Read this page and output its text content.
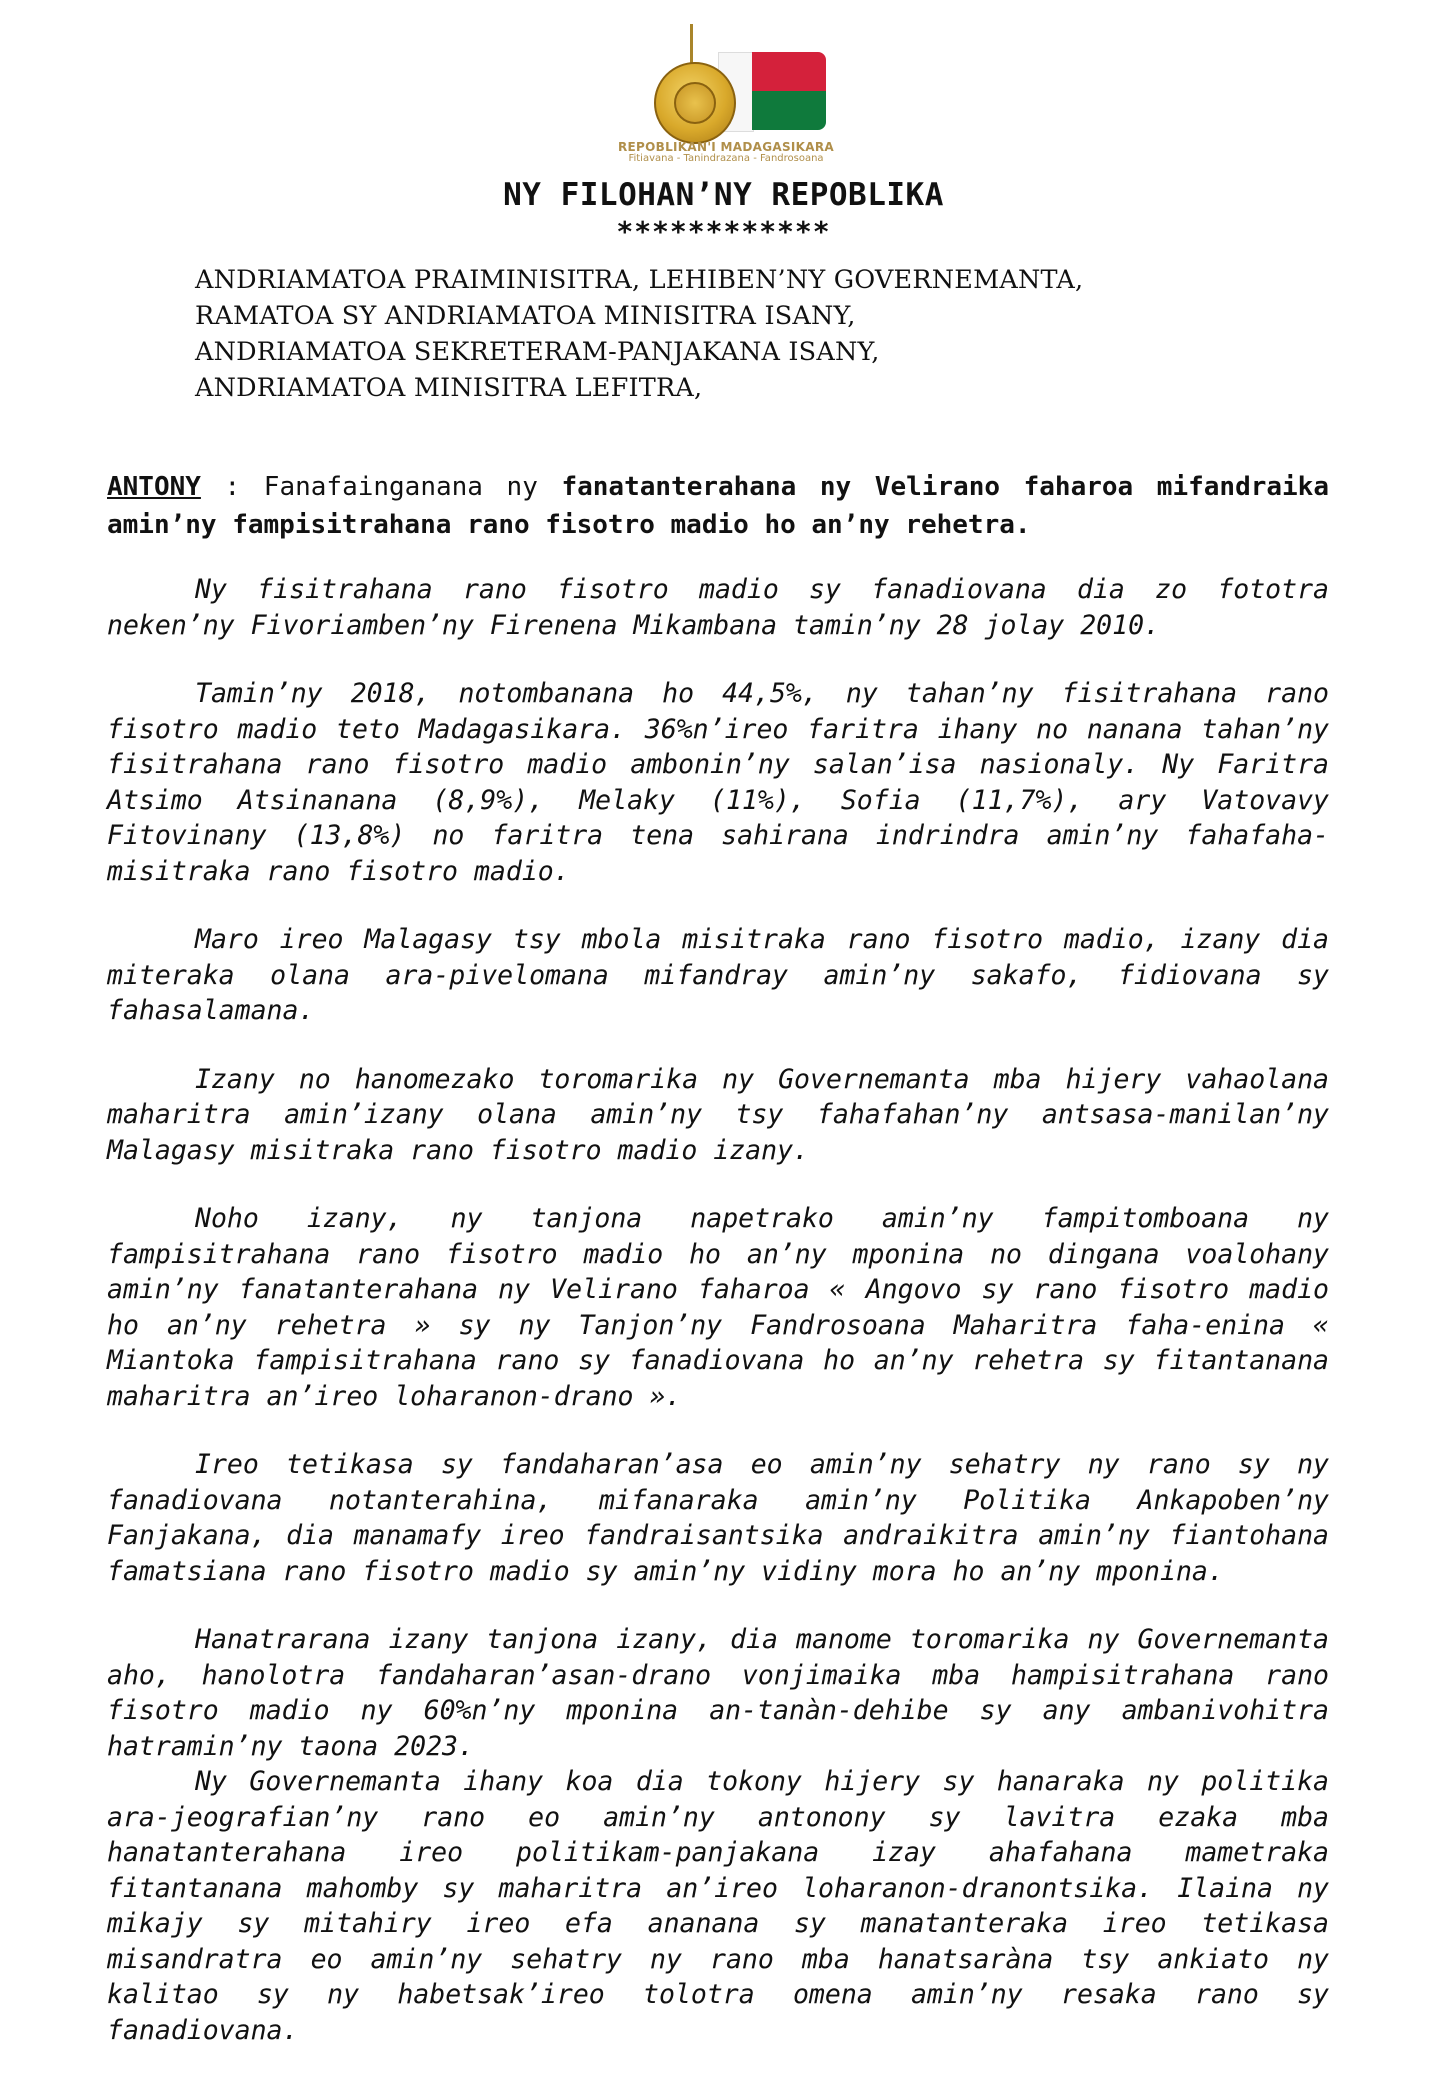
REPOBLIKAN'I MADAGASIKARA
Fitiavana - Tanindrazana - Fandrosoana
NY FILOHAN’NY REPOBLIKA
************
ANDRIAMATOA PRAIMINISITRA, LEHIBEN’NY GOVERNEMANTA,
RAMATOA SY ANDRIAMATOA MINISITRA ISANY,
ANDRIAMATOA SEKRETERAM-PANJAKANA ISANY,
ANDRIAMATOA MINISITRA LEFITRA,
ANTONY : Fanafainganana ny fanatanterahana ny Velirano faharoa mifandraika amin’ny fampisitrahana rano fisotro madio ho an’ny rehetra.

Ny fisitrahana rano fisotro madio sy fanadiovana dia zo fototra neken’ny Fivoriamben’ny Firenena Mikambana tamin’ny 28 jolay 2010.

Tamin’ny 2018, notombanana ho 44,5%, ny tahan’ny fisitrahana rano fisotro madio teto Madagasikara. 36%n’ireo faritra ihany no nanana tahan’ny fisitrahana rano fisotro madio ambonin’ny salan’isa nasionaly. Ny Faritra Atsimo Atsinanana (8,9%), Melaky (11%), Sofia (11,7%), ary Vatovavy Fitovinany (13,8%) no faritra tena sahirana indrindra amin’ny fahafaha-misitraka rano fisotro madio.

Maro ireo Malagasy tsy mbola misitraka rano fisotro madio, izany dia miteraka olana ara-pivelomana mifandray amin’ny sakafo, fidiovana sy fahasalamana.

Izany no hanomezako toromarika ny Governemanta mba hijery vahaolana maharitra amin’izany olana amin’ny tsy fahafahan’ny antsasa-manilan’ny Malagasy misitraka rano fisotro madio izany.

Noho izany, ny tanjona napetrako amin’ny fampitomboana ny fampisitrahana rano fisotro madio ho an’ny mponina no dingana voalohany amin’ny fanatanterahana ny Velirano faharoa « Angovo sy rano fisotro madio ho an’ny rehetra » sy ny Tanjon’ny Fandrosoana Maharitra faha-enina « Miantoka fampisitrahana rano sy fanadiovana ho an’ny rehetra sy fitantanana maharitra an’ireo loharanon-drano ».

Ireo tetikasa sy fandaharan’asa eo amin’ny sehatry ny rano sy ny fanadiovana notanterahina, mifanaraka amin’ny Politika Ankapoben’ny Fanjakana, dia manamafy ireo fandraisantsika andraikitra amin’ny fiantohana famatsiana rano fisotro madio sy amin’ny vidiny mora ho an’ny mponina.

Hanatrarana izany tanjona izany, dia manome toromarika ny Governemanta aho, hanolotra fandaharan’asan-drano vonjimaika mba hampisitrahana rano fisotro madio ny 60%n’ny mponina an-tanàn-dehibe sy any ambanivohitra hatramin’ny taona 2023.

Ny Governemanta ihany koa dia tokony hijery sy hanaraka ny politika ara-jeografian’ny rano eo amin’ny antonony sy lavitra ezaka mba hanatanterahana ireo politikam-panjakana izay ahafahana mametraka fitantanana mahomby sy maharitra an’ireo loharanon-dranontsika. Ilaina ny mikajy sy mitahiry ireo efa ananana sy manatanteraka ireo tetikasa misandratra eo amin’ny sehatry ny rano mba hanatsaràna tsy ankiato ny kalitao sy ny habetsak’ireo tolotra omena amin’ny resaka rano sy fanadiovana.
